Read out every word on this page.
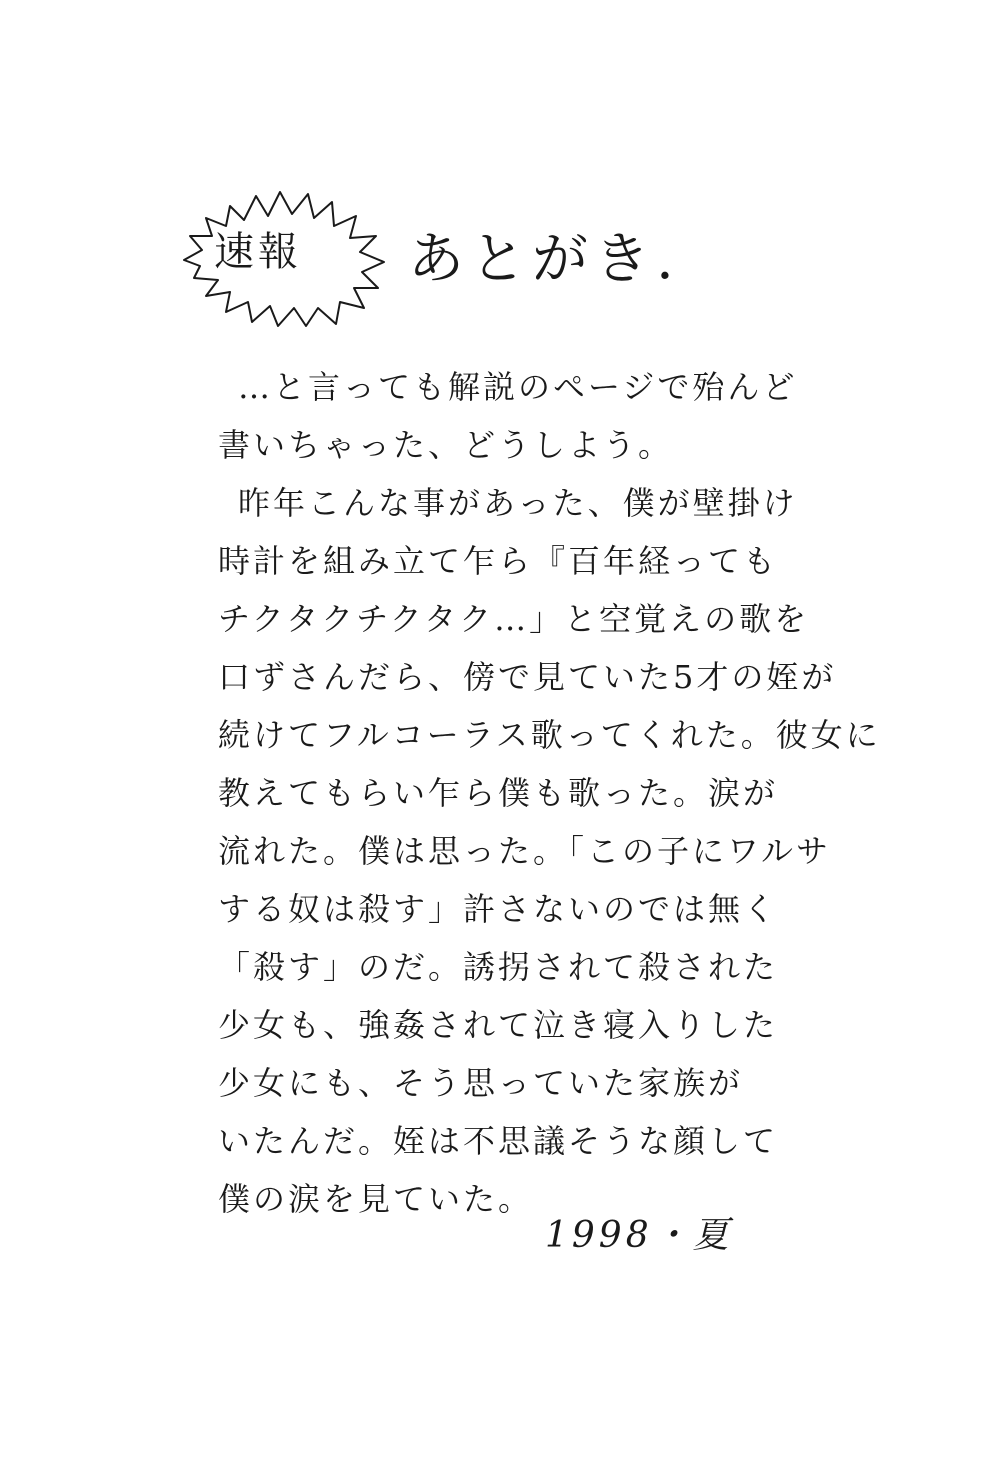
速報 あとがき.
…と言っても解説のページで殆んど
書いちゃった、どうしよう。
昨年こんな事があった、僕が壁掛け
時計を組み立て乍ら『百年経っても
チクタクチクタク…」と空覚えの歌を
口ずさんだら、傍で見ていた5才の姪が
続けてフルコーラス歌ってくれた。彼女に
教えてもらい乍ら僕も歌った。涙が
流れた。僕は思った。「この子にワルサ
する奴は殺す」許さないのでは無く
「殺す」のだ。誘拐されて殺された
少女も、強姦されて泣き寝入りした
少女にも、そう思っていた家族が
いたんだ。姪は不思議そうな顔して
僕の涙を見ていた。
1998・夏
